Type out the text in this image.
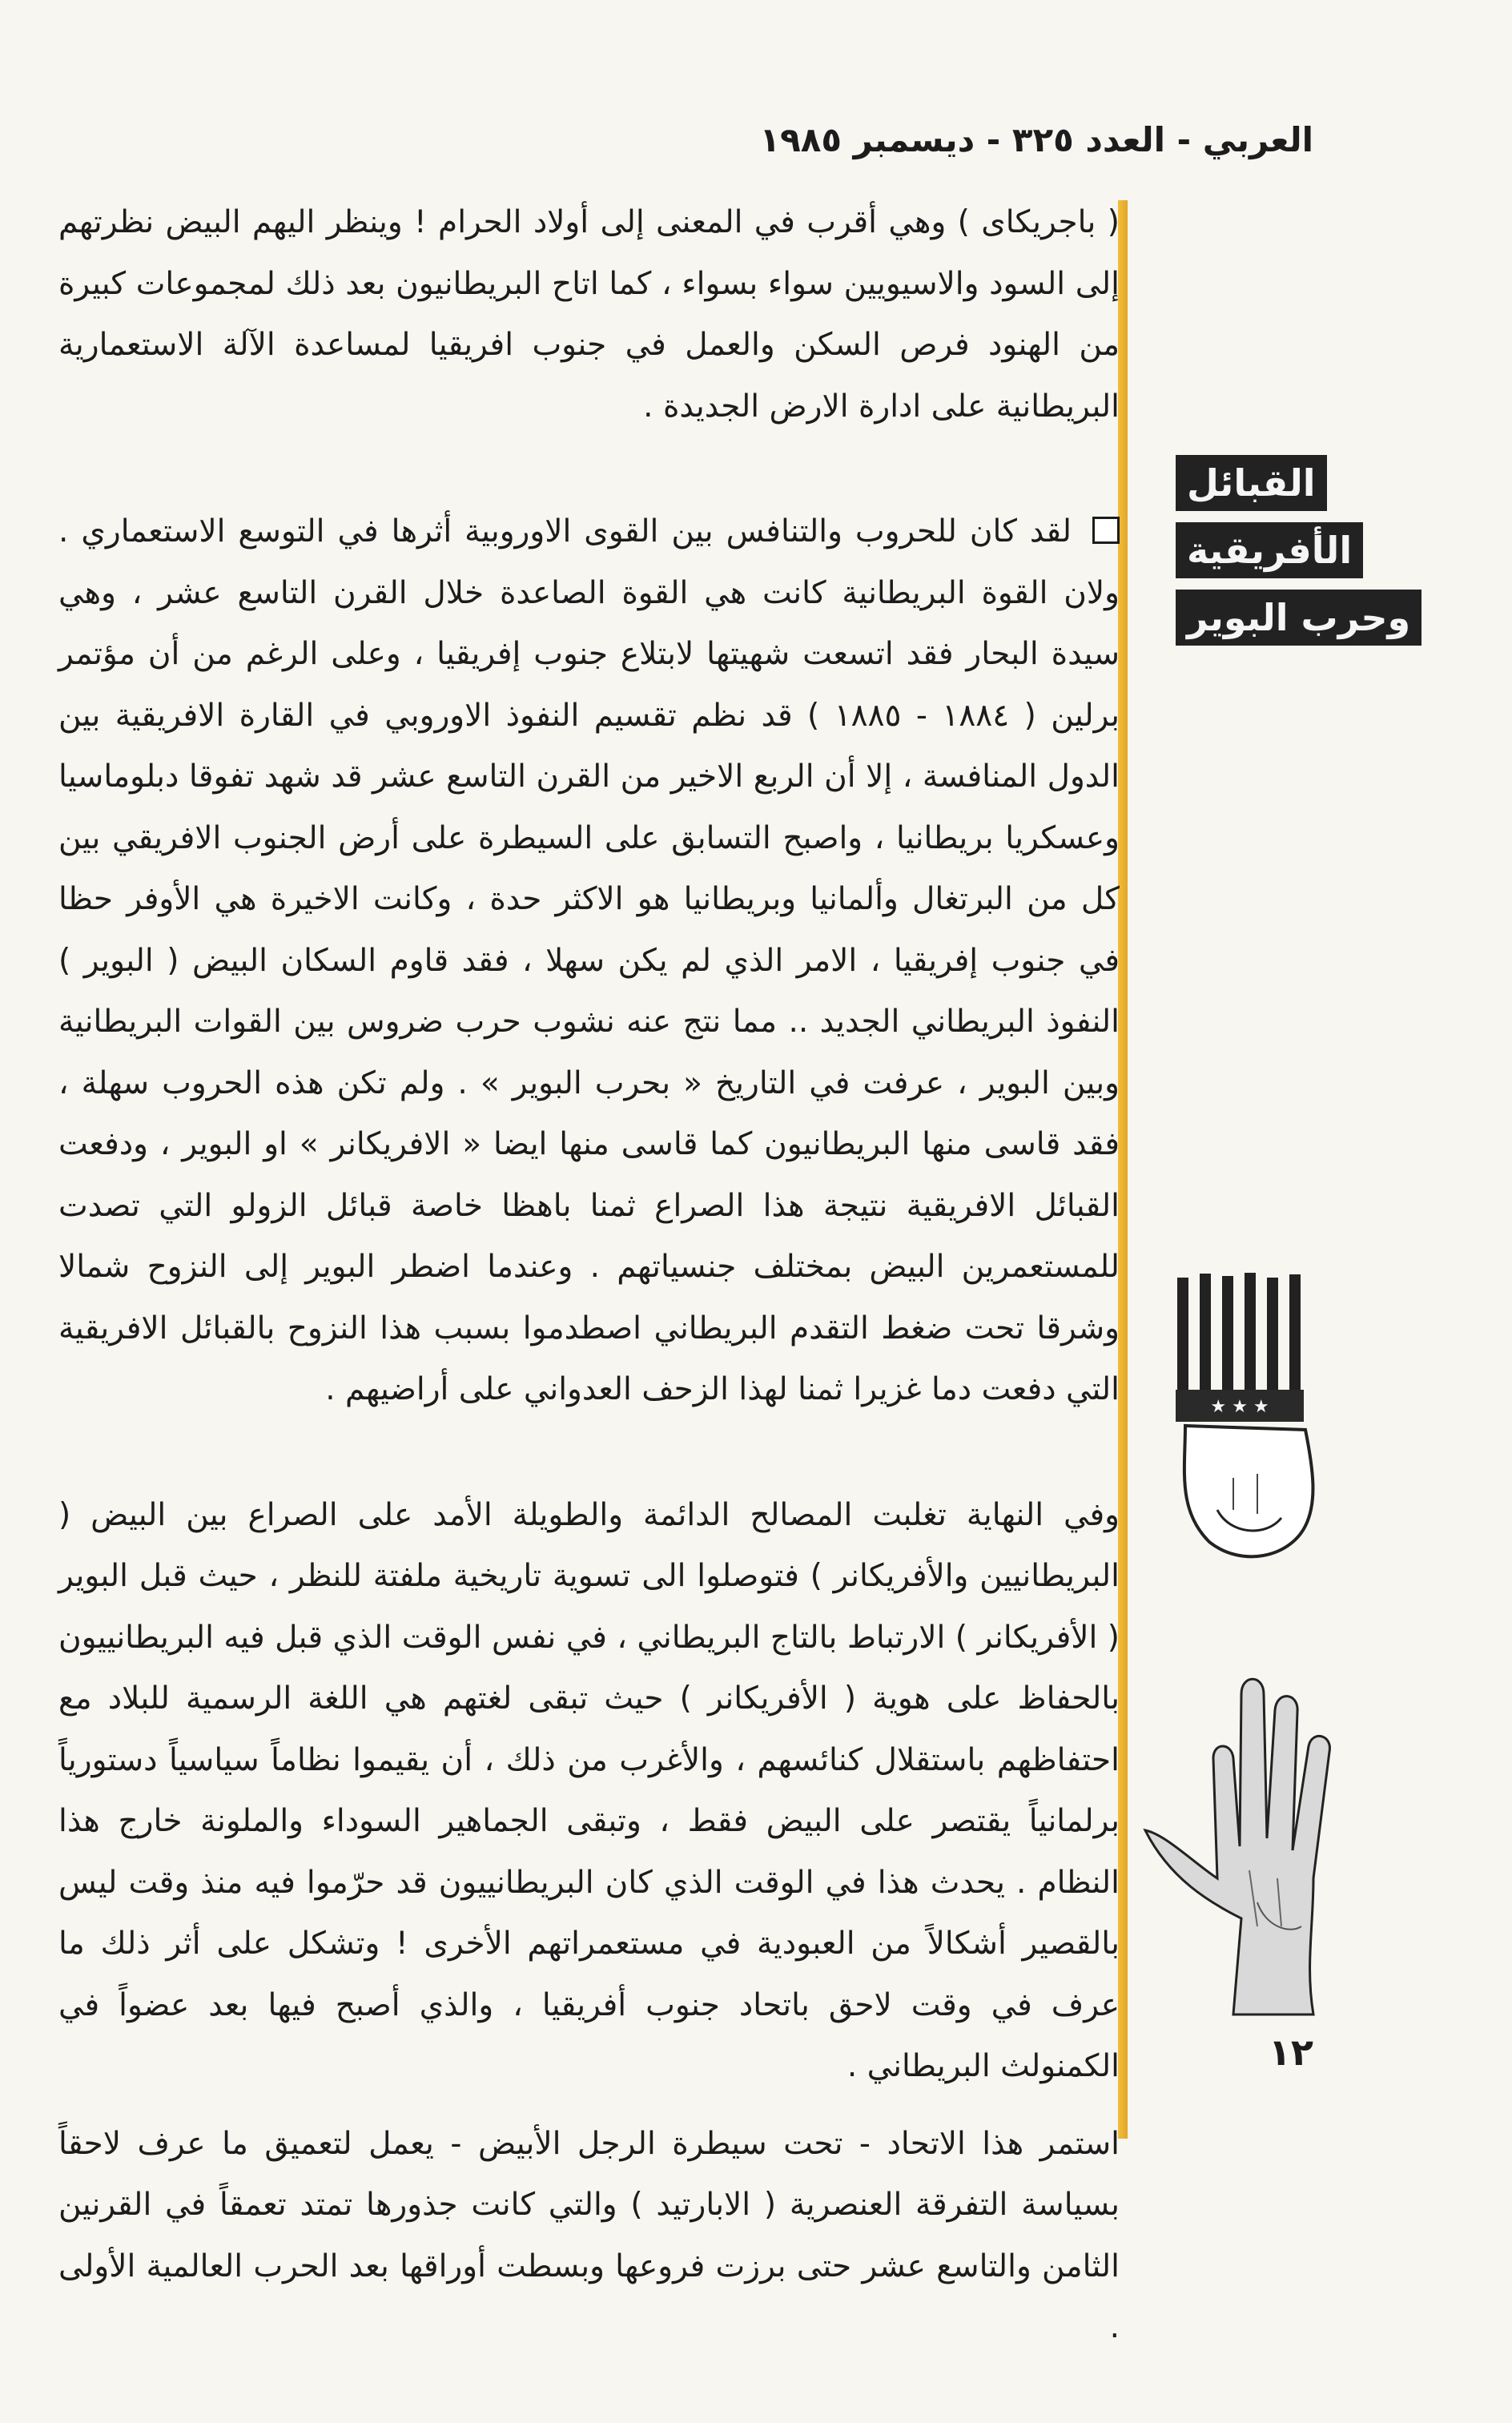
العربي - العدد ٣٢٥ - ديسمبر ١٩٨٥

( باجريكاى ) وهي أقرب في المعنى إلى أولاد الحرام ! وينظر اليهم البيض نظرتهم إلى السود والاسيويين سواء بسواء ، كما اتاح البريطانيون بعد ذلك لمجموعات كبيرة من الهنود فرص السكن والعمل في جنوب افريقيا لمساعدة الآلة الاستعمارية البريطانية على ادارة الارض الجديدة .

لقد كان للحروب والتنافس بين القوى الاوروبية أثرها في التوسع الاستعماري . ولان القوة البريطانية كانت هي القوة الصاعدة خلال القرن التاسع عشر ، وهي سيدة البحار فقد اتسعت شهيتها لابتلاع جنوب إفريقيا ، وعلى الرغم من أن مؤتمر برلين ( ١٨٨٤ - ١٨٨٥ ) قد نظم تقسيم النفوذ الاوروبي في القارة الافريقية بين الدول المنافسة ، إلا أن الربع الاخير من القرن التاسع عشر قد شهد تفوقا دبلوماسيا وعسكريا بريطانيا ، واصبح التسابق على السيطرة على أرض الجنوب الافريقي بين كل من البرتغال وألمانيا وبريطانيا هو الاكثر حدة ، وكانت الاخيرة هي الأوفر حظا في جنوب إفريقيا ، الامر الذي لم يكن سهلا ، فقد قاوم السكان البيض ( البوير ) النفوذ البريطاني الجديد .. مما نتج عنه نشوب حرب ضروس بين القوات البريطانية وبين البوير ، عرفت في التاريخ « بحرب البوير » . ولم تكن هذه الحروب سهلة ، فقد قاسى منها البريطانيون كما قاسى منها ايضا « الافريكانر » او البوير ، ودفعت القبائل الافريقية نتيجة هذا الصراع ثمنا باهظا خاصة قبائل الزولو التي تصدت للمستعمرين البيض بمختلف جنسياتهم . وعندما اضطر البوير إلى النزوح شمالا وشرقا تحت ضغط التقدم البريطاني اصطدموا بسبب هذا النزوح بالقبائل الافريقية التي دفعت دما غزيرا ثمنا لهذا الزحف العدواني على أراضيهم .

وفي النهاية تغلبت المصالح الدائمة والطويلة الأمد على الصراع بين البيض ( البريطانيين والأفريكانر ) فتوصلوا الى تسوية تاريخية ملفتة للنظر ، حيث قبل البوير ( الأفريكانر ) الارتباط بالتاج البريطاني ، في نفس الوقت الذي قبل فيه البريطانييون بالحفاظ على هوية ( الأفريكانر ) حيث تبقى لغتهم هي اللغة الرسمية للبلاد مع احتفاظهم باستقلال كنائسهم ، والأغرب من ذلك ، أن يقيموا نظاماً سياسياً دستورياً برلمانياً يقتصر على البيض فقط ، وتبقى الجماهير السوداء والملونة خارج هذا النظام . يحدث هذا في الوقت الذي كان البريطانييون قد حرّموا فيه منذ وقت ليس بالقصير أشكالاً من العبودية في مستعمراتهم الأخرى ! وتشكل على أثر ذلك ما عرف في وقت لاحق باتحاد جنوب أفريقيا ، والذي أصبح فيها بعد عضواً في الكمنولث البريطاني .

استمر هذا الاتحاد - تحت سيطرة الرجل الأبيض - يعمل لتعميق ما عرف لاحقاً بسياسة التفرقة العنصرية ( الابارتيد ) والتي كانت جذورها تمتد تعمقاً في القرنين الثامن والتاسع عشر حتى برزت فروعها وبسطت أوراقها بعد الحرب العالمية الأولى .

القبائل
الأفريقية
وحرب البوير
★ ★ ★
١٢
